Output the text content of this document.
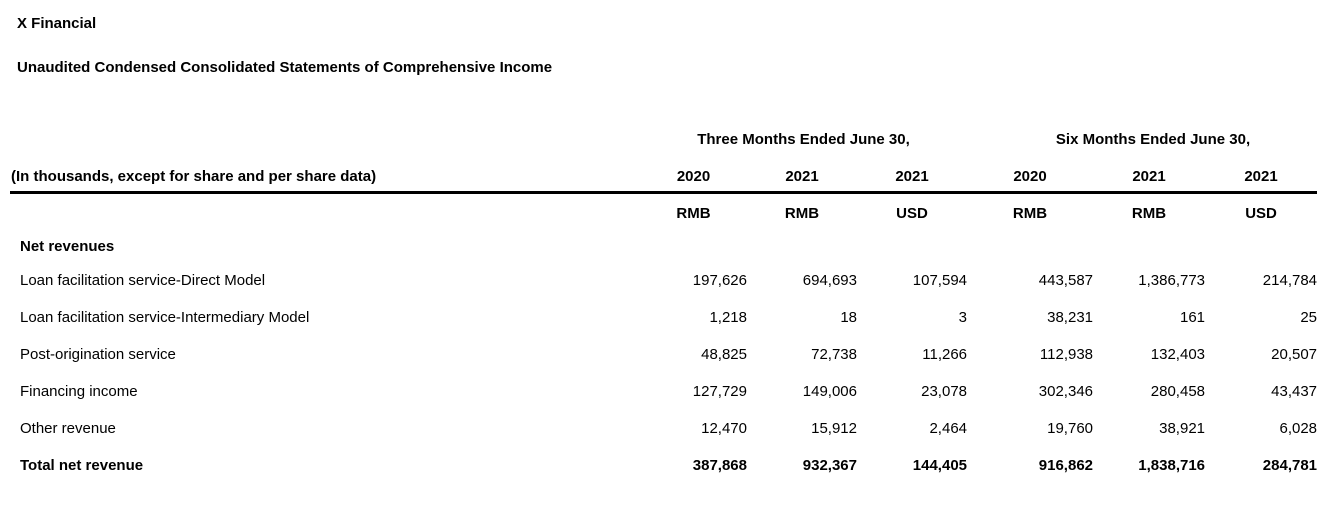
X Financial
Unaudited Condensed Consolidated Statements of Comprehensive Income
	Three Months Ended June 30,			Six Months Ended June 30,		
(In thousands, except for share and per share data)	2020	2021	2021	2020	2021	2021
	RMB	RMB	USD	RMB	RMB	USD
Net revenues						
Loan facilitation service-Direct Model	197,626	694,693	107,594	443,587	1,386,773	214,784
Loan facilitation service-Intermediary Model	1,218	18	3	38,231	161	25
Post-origination service	48,825	72,738	11,266	112,938	132,403	20,507
Financing income	127,729	149,006	23,078	302,346	280,458	43,437
Other revenue	12,470	15,912	2,464	19,760	38,921	6,028
Total net revenue	387,868	932,367	144,405	916,862	1,838,716	284,781
